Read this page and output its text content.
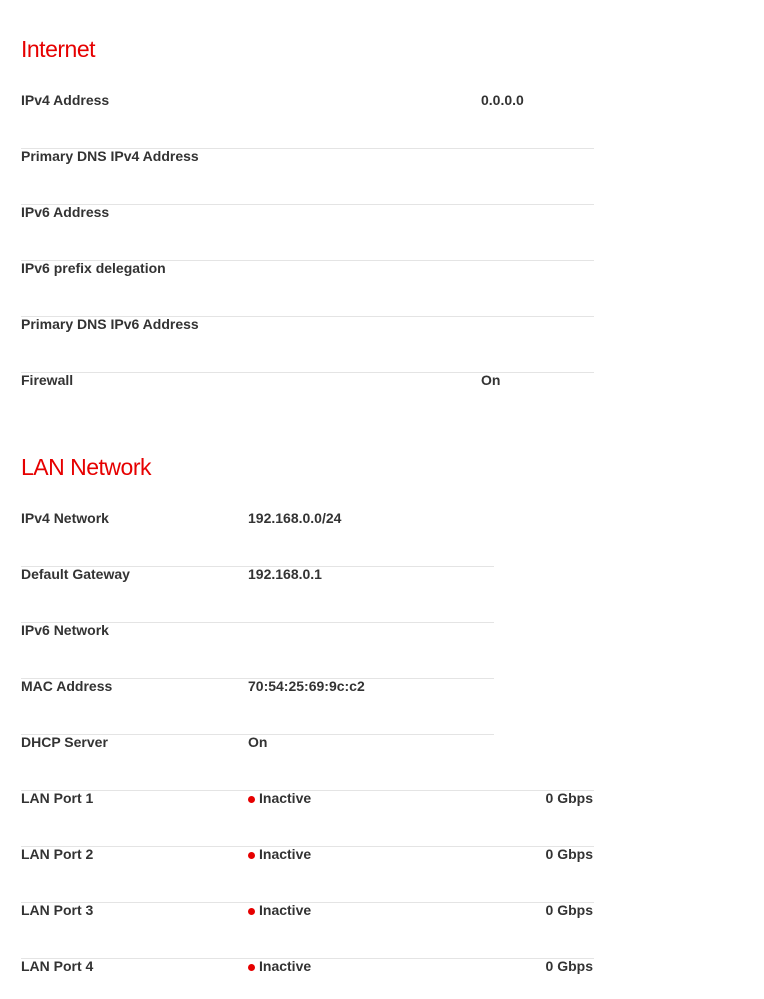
Internet
IPv4 Address	0.0.0.0
Primary DNS IPv4 Address
IPv6 Address
IPv6 prefix delegation
Primary DNS IPv6 Address
Firewall	On
LAN Network
IPv4 Network	192.168.0.0/24
Default Gateway	192.168.0.1
IPv6 Network
MAC Address	70:54:25:69:9c:c2
DHCP Server	On
LAN Port 1	Inactive	0 Gbps
LAN Port 2	Inactive	0 Gbps
LAN Port 3	Inactive	0 Gbps
LAN Port 4	Inactive	0 Gbps
